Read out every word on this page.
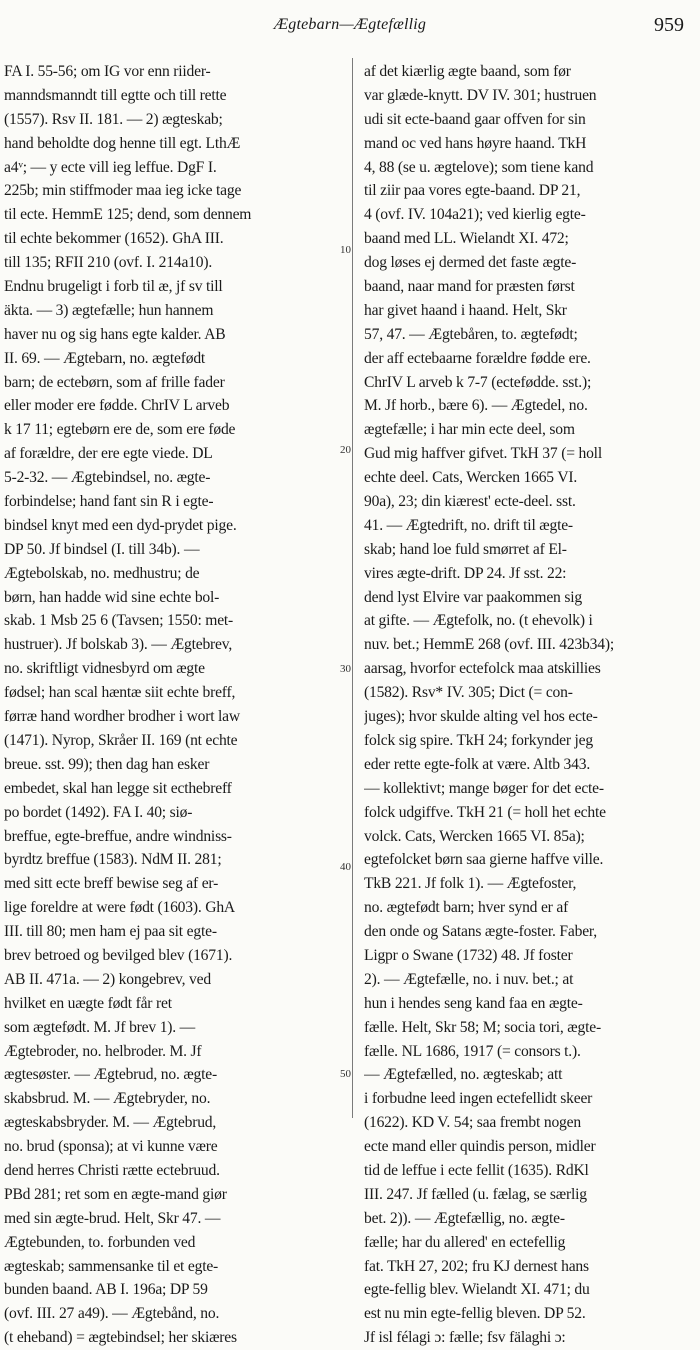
Ægtebarn—Ægtefællig	959
10
20
30
40
50
FA I. 55-56; om IG vor enn riider-
manndsmanndt till egtte och till rette
(1557). Rsv II. 181. — 2) ægteskab;
hand beholdte dog henne till egt. LthÆ
a4ᵛ; — y ecte vill ieg leffue. DgF I.
225b; min stiffmoder maa ieg icke tage
til ecte. HemmE 125; dend, som dennem
til echte bekommer (1652). GhA III.
till 135; RFII 210 (ovf. I. 214a10).
Endnu brugeligt i forb til æ, jf sv till
äkta. — 3) ægtefælle; hun hannem
haver nu og sig hans egte kalder. AB
II. 69. — Ægtebarn, no. ægtefødt
barn; de ectebørn, som af frille fader
eller moder ere fødde. ChrIV L arveb
k 17 11; egtebørn ere de, som ere føde
af forældre, der ere egte viede. DL
5-2-32. — Ægtebindsel, no. ægte-
forbindelse; hand fant sin R i egte-
bindsel knyt med een dyd-prydet pige.
DP 50. Jf bindsel (I. till 34b). —
Ægtebolskab, no. medhustru; de
børn, han hadde wid sine echte bol-
skab. 1 Msb 25 6 (Tavsen; 1550: met-
hustruer). Jf bolskab 3). — Ægtebrev,
no. skriftligt vidnesbyrd om ægte
fødsel; han scal hæntæ siit echte breff,
førræ hand wordher brodher i wort law
(1471). Nyrop, Skråer II. 169 (nt echte
breue. sst. 99); then dag han esker
embedet, skal han legge sit ecthebreff
po bordet (1492). FA I. 40; siø-
breffue, egte-breffue, andre windniss-
byrdtz breffue (1583). NdM II. 281;
med sitt ecte breff bewise seg af er-
lige foreldre at were født (1603). GhA
III. till 80; men ham ej paa sit egte-
brev betroed og bevilged blev (1671).
AB II. 471a. — 2) kongebrev, ved
hvilket en uægte født får ret
som ægtefødt. M. Jf brev 1). —
Ægtebroder, no. helbroder. M. Jf
ægtesøster. — Ægtebrud, no. ægte-
skabsbrud. M. — Ægtebryder, no.
ægteskabsbryder. M. — Ægtebrud,
no. brud (sponsa); at vi kunne være
dend herres Christi rætte ectebruud.
PBd 281; ret som en ægte-mand giør
med sin ægte-brud. Helt, Skr 47. —
Ægtebunden, to. forbunden ved
ægteskab; sammensanke til et egte-
bunden baand. AB I. 196a; DP 59
(ovf. III. 27 a49). — Ægtebånd, no.
(t eheband) = ægtebindsel; her skiæres
af det kiærlig ægte baand, som før
var glæde-knytt. DV IV. 301; hustruen
udi sit ecte-baand gaar offven for sin
mand oc ved hans høyre haand. TkH
4, 88 (se u. ægtelove); som tiene kand
til ziir paa vores egte-baand. DP 21,
4 (ovf. IV. 104a21); ved kierlig egte-
baand med LL. Wielandt XI. 472;
dog løses ej dermed det faste ægte-
baand, naar mand for præsten først
har givet haand i haand. Helt, Skr
57, 47. — Ægtebåren, to. ægtefødt;
der aff ectebaarne forældre fødde ere.
ChrIV L arveb k 7-7 (ectefødde. sst.);
M. Jf horb., bære 6). — Ægtedel, no.
ægtefælle; i har min ecte deel, som
Gud mig haffver gifvet. TkH 37 (= holl
echte deel. Cats, Wercken 1665 VI.
90a), 23; din kiærest' ecte-deel. sst.
41. — Ægtedrift, no. drift til ægte-
skab; hand loe fuld smørret af El-
vires ægte-drift. DP 24. Jf sst. 22:
dend lyst Elvire var paakommen sig
at gifte. — Ægtefolk, no. (t ehevolk) i
nuv. bet.; HemmE 268 (ovf. III. 423b34);
aarsag, hvorfor ectefolck maa atskillies
(1582). Rsv* IV. 305; Dict (= con-
juges); hvor skulde alting vel hos ecte-
folck sig spire. TkH 24; forkynder jeg
eder rette egte-folk at være. Altb 343.
— kollektivt; mange bøger for det ecte-
folck udgiffve. TkH 21 (= holl het echte
volck. Cats, Wercken 1665 VI. 85a);
egtefolcket børn saa gierne haffve ville.
TkB 221. Jf folk 1). — Ægtefoster,
no. ægtefødt barn; hver synd er af
den onde og Satans ægte-foster. Faber,
Ligpr o Swane (1732) 48. Jf foster
2). — Ægtefælle, no. i nuv. bet.; at
hun i hendes seng kand faa en ægte-
fælle. Helt, Skr 58; M; socia tori, ægte-
fælle. NL 1686, 1917 (= consors t.).
— Ægtefælled, no. ægteskab; att
i forbudne leed ingen ectefellidt skeer
(1622). KD V. 54; saa frembt nogen
ecte mand eller quindis person, midler
tid de leffue i ecte fellit (1635). RdKl
III. 247. Jf fælled (u. fælag, se særlig
bet. 2)). — Ægtefællig, no. ægte-
fælle; har du allered' en ectefellig
fat. TkH 27, 202; fru KJ dernest hans
egte-fellig blev. Wielandt XI. 471; du
est nu min egte-fellig bleven. DP 52.
Jf isl félagi ɔ: fælle; fsv fälaghi ɔ:
